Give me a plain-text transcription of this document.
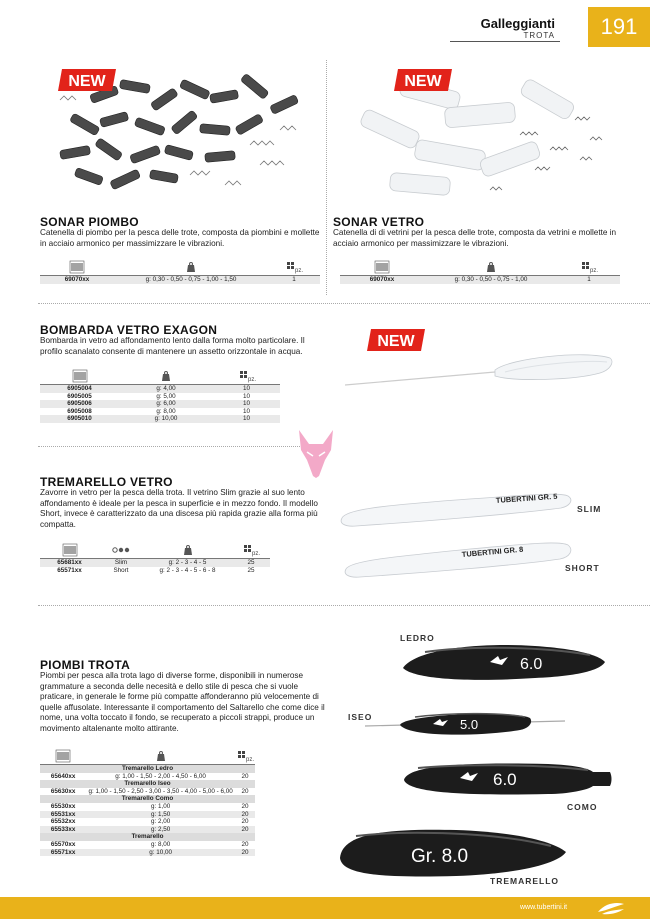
Galleggianti
TROTA	191
NEW	NEW
SONAR PIOMBO
Catenella di piombo per la pesca delle trote, composta da piombini e mollette in acciaio armonico per massimizzare le vibrazioni.

pz.

69070xx	g: 0,30 - 0,50 - 0,75 - 1,00 - 1,50	1
SONAR VETRO
Catenella di di vetrini per la pesca delle trote, composta da vetrini e mollette in acciaio armonico per massimizzare le vibrazioni.

pz.

69070xx	g: 0,30 - 0,50 - 0,75 - 1,00	1
BOMBARDA VETRO EXAGON
Bombarda in vetro ad affondamento lento dalla forma molto particolare. Il profilo scanalato consente di mantenere un assetto orizzontale in acqua.

pz.

6905004	g: 4,00	10
6905005	g: 5,00	10
6905006	g: 6,00	10
6905008	g: 8,00	10
6905010	g: 10,00	10
NEW
TREMARELLO VETRO
Zavorre in vetro per la pesca della trota. Il vetrino Slim grazie al suo lento affondamento è ideale per la pesca in superficie e in mezzo fondo. Il modello Short, invece è caratterizzato da una discesa più rapida grazie alla forma più compatta.

pz.

65681xx	Slim	g: 2 - 3 - 4 - 5	25
65571xx	Short	g: 2 - 3 - 4 - 5 - 6 - 8	25
TUBERTINI GR. 5
SLIM
TUBERTINI GR. 8
SHORT
PIOMBI TROTA
Piombi per pesca alla trota lago di diverse forme, disponibili in numerose grammature a seconda delle necesità e dello stile di pesca che si vuole praticare, in generale le forme più compatte affonderanno più velocemente di quelle affusolate. Interessante il comportamento del Saltarello che come dice il nome, una volta toccato il fondo, se recuperato a piccoli strappi, produce un movimento altalenante molto attirante.

pz.

Tremarello Ledro		
65640xx	g: 1,00 - 1,50 - 2,00 - 4,50 - 6,00	20
Tremarello Iseo		
65630xx	g: 1,00 - 1,50 - 2,50 - 3,00 - 3,50 - 4,00 - 5,00 - 6,00	20
Tremarello Como		
65530xx	g: 1,00	20
65531xx	g: 1,50	20
65532xx	g: 2,00	20
65533xx	g: 2,50	20
Tremarello		
65570xx	g: 8,00	20
65571xx	g: 10,00	20
LEDRO
6.0
ISEO	5.0
6.0
COMO
Gr. 8.0
TREMARELLO
www.tubertini.it
